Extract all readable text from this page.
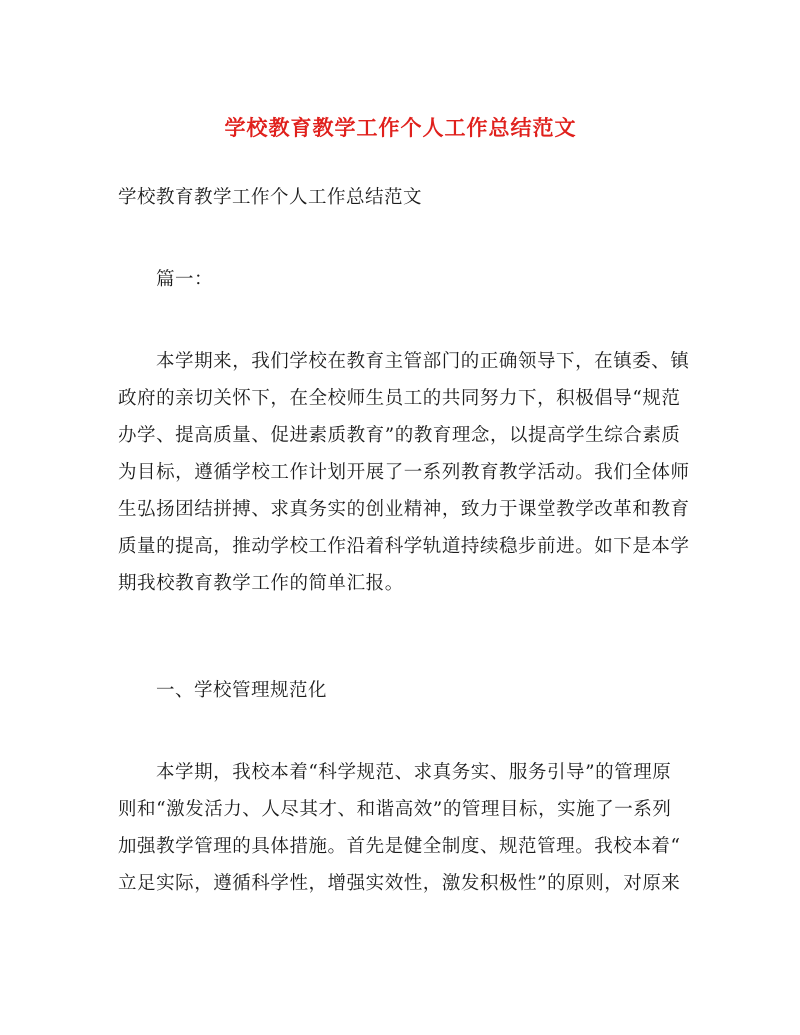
学校教育教学工作个人工作总结范文
学校教育教学工作个人工作总结范文
篇一：
本学期来，我们学校在教育主管部门的正确领导下，在镇委、镇
政府的亲切关怀下，在全校师生员工的共同努力下，积极倡导“规范
办学、提高质量、促进素质教育”的教育理念，以提高学生综合素质
为目标，遵循学校工作计划开展了一系列教育教学活动。我们全体师
生弘扬团结拼搏、求真务实的创业精神，致力于课堂教学改革和教育
质量的提高，推动学校工作沿着科学轨道持续稳步前进。如下是本学
期我校教育教学工作的简单汇报。
一、学校管理规范化
本学期，我校本着“科学规范、求真务实、服务引导”的管理原
则和“激发活力、人尽其才、和谐高效”的管理目标，实施了一系列
加强教学管理的具体措施。首先是健全制度、规范管理。我校本着“
立足实际，遵循科学性，增强实效性，激发积极性”的原则，对原来
